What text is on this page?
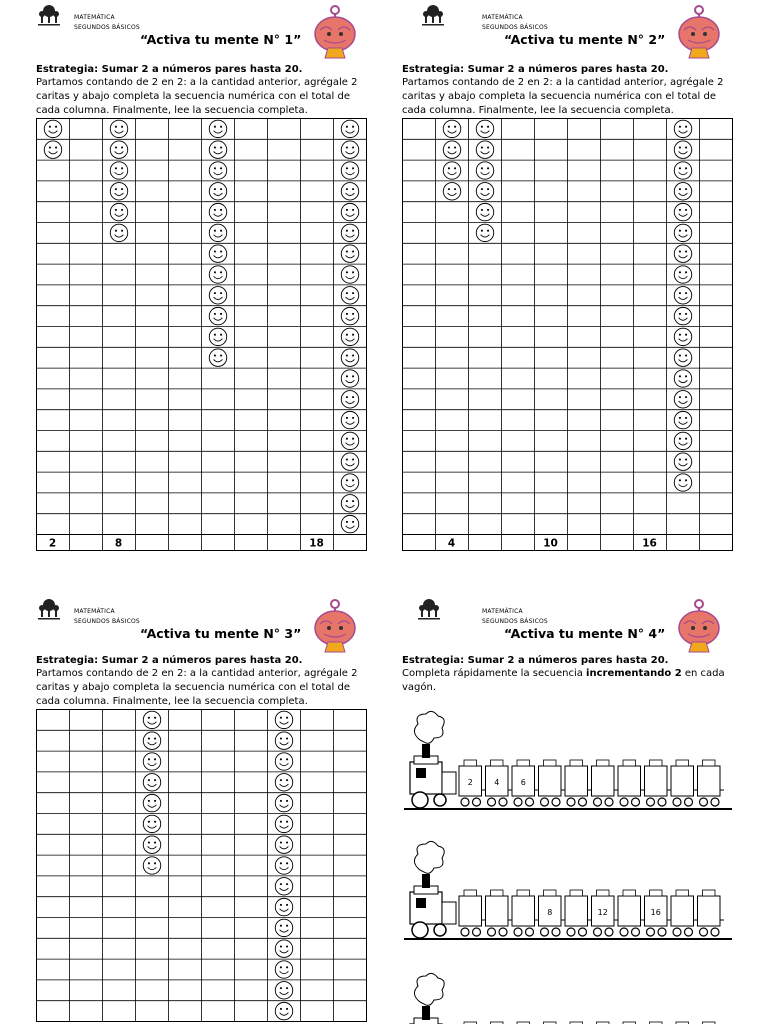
MATEMÁTICA
SEGUNDOS BÁSICOS
“Activa tu mente N° 1”
Estrategia: Sumar 2 a números pares hasta 20.
Partamos contando de 2 en 2: a la cantidad anterior, agrégale 2 caritas y abajo completa la secuencia numérica con el total de cada columna. Finalmente, lee la secuencia completa.
2	8	18
MATEMÁTICA
SEGUNDOS BÁSICOS
“Activa tu mente N° 2”
Estrategia: Sumar 2 a números pares hasta 20.
Partamos contando de 2 en 2: a la cantidad anterior, agrégale 2 caritas y abajo completa la secuencia numérica con el total de cada columna. Finalmente, lee la secuencia completa.
4	10	16
MATEMÁTICA
SEGUNDOS BÁSICOS
“Activa tu mente N° 3”
Estrategia: Sumar 2 a números pares hasta 20.
Partamos contando de 2 en 2: a la cantidad anterior, agrégale 2 caritas y abajo completa la secuencia numérica con el total de cada columna. Finalmente, lee la secuencia completa.
MATEMÁTICA
SEGUNDOS BÁSICOS
“Activa tu mente N° 4”
Estrategia: Sumar 2 a números pares hasta 20.
Completa rápidamente la secuencia incrementando 2 en cada vagón.
2	4	6
8	12	16
